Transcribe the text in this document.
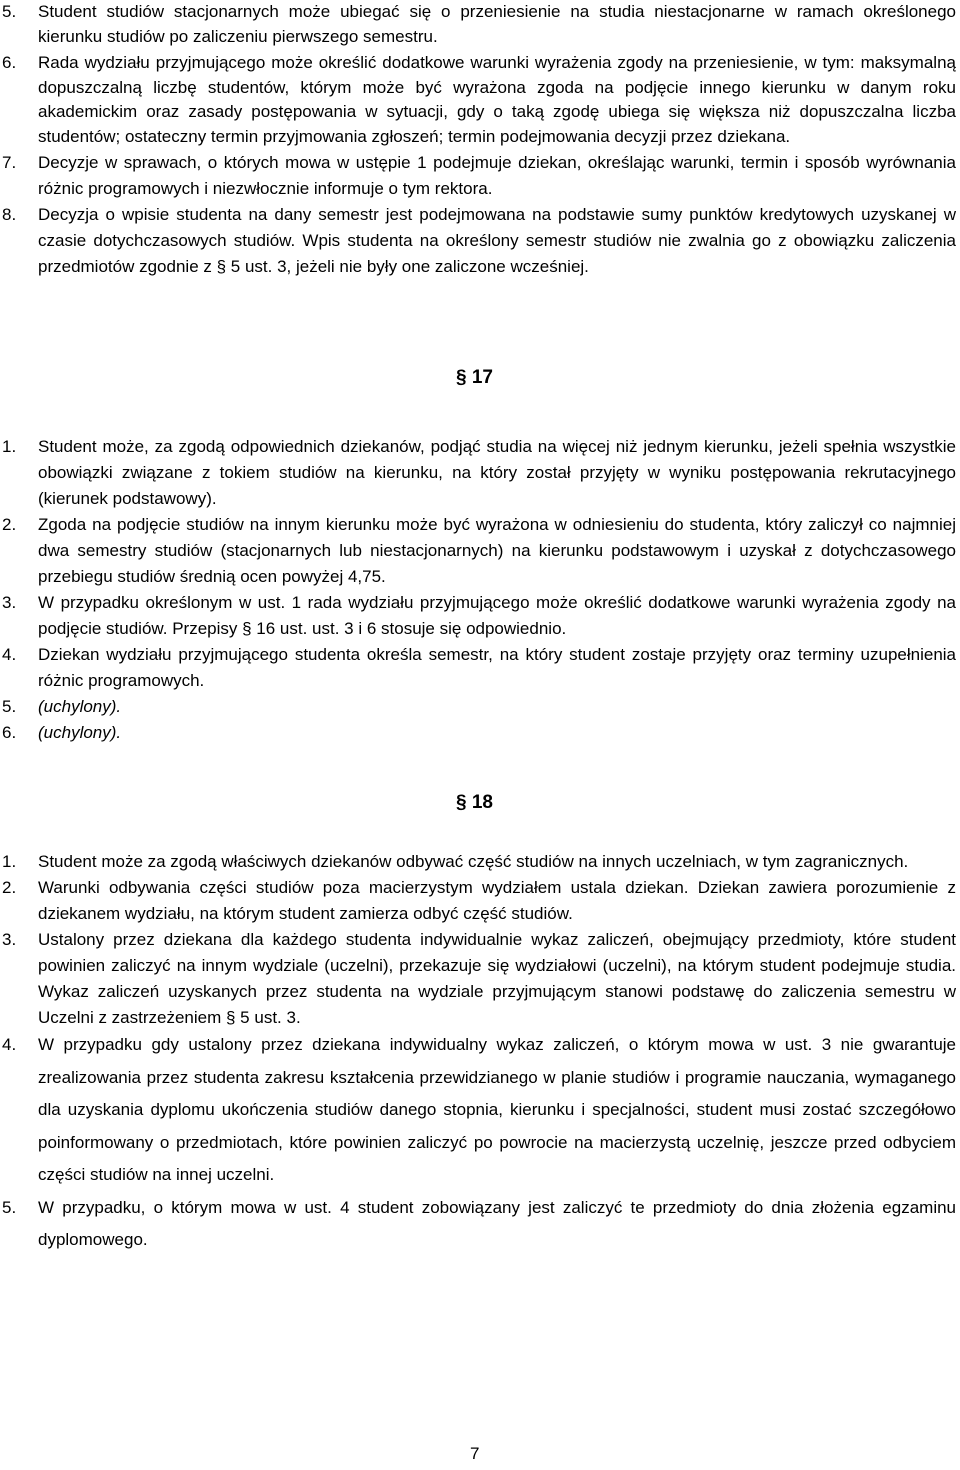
5.	Student studiów stacjonarnych może ubiegać się o przeniesienie na studia niestacjonarne w ramach określonego kierunku studiów po zaliczeniu pierwszego semestru.

6.	Rada wydziału przyjmującego może określić dodatkowe warunki wyrażenia zgody na przeniesienie, w tym: maksymalną dopuszczalną liczbę studentów, którym może być wyrażona zgoda na podjęcie innego kierunku w danym roku akademickim oraz zasady postępowania w sytuacji, gdy o taką zgodę ubiega się większa niż dopuszczalna liczba studentów; ostateczny termin przyjmowania zgłoszeń; termin podejmowania decyzji przez dziekana.

7.	Decyzje w sprawach, o których mowa w ustępie 1 podejmuje dziekan, określając warunki, termin i sposób wyrównania różnic programowych i niezwłocznie informuje o tym rektora.

8.	Decyzja o wpisie studenta na dany semestr jest podejmowana na podstawie sumy punktów kredytowych uzyskanej w czasie dotychczasowych studiów. Wpis studenta na określony semestr studiów nie zwalnia go z obowiązku zaliczenia przedmiotów zgodnie z § 5 ust. 3, jeżeli nie były one zaliczone wcześniej.

§ 17
1.	Student może, za zgodą odpowiednich dziekanów, podjąć studia na więcej niż jednym kierunku, jeżeli spełnia wszystkie obowiązki związane z tokiem studiów na kierunku, na który został przyjęty w wyniku postępowania rekrutacyjnego (kierunek podstawowy).

2.	Zgoda na podjęcie studiów na innym kierunku może być wyrażona w odniesieniu do studenta, który zaliczył co najmniej dwa semestry studiów (stacjonarnych lub niestacjonarnych) na kierunku podstawowym i uzyskał z dotychczasowego przebiegu studiów średnią ocen powyżej 4,75.

3.	W przypadku określonym w ust. 1 rada wydziału przyjmującego może określić dodatkowe warunki wyrażenia zgody na podjęcie studiów. Przepisy § 16 ust. ust. 3 i 6 stosuje się odpowiednio.

4.	Dziekan wydziału przyjmującego studenta określa semestr, na który student zostaje przyjęty oraz terminy uzupełnienia różnic programowych.

5.	(uchylony).

6.	(uchylony).

§ 18
1.	Student może za zgodą właściwych dziekanów odbywać część studiów na innych uczelniach, w tym zagranicznych.

2.	Warunki odbywania części studiów poza macierzystym wydziałem ustala dziekan. Dziekan zawiera porozumienie z dziekanem wydziału, na którym student zamierza odbyć część studiów.

3.	Ustalony przez dziekana dla każdego studenta indywidualnie wykaz zaliczeń, obejmujący przedmioty, które student powinien zaliczyć na innym wydziale (uczelni), przekazuje się wydziałowi (uczelni), na którym student podejmuje studia. Wykaz zaliczeń uzyskanych przez studenta na wydziale przyjmującym stanowi podstawę do zaliczenia semestru w Uczelni z zastrzeżeniem § 5 ust. 3.

4.	W przypadku gdy ustalony przez dziekana indywidualny wykaz zaliczeń, o którym mowa w ust. 3 nie gwarantuje zrealizowania przez studenta zakresu kształcenia przewidzianego w planie studiów i programie nauczania, wymaganego dla uzyskania dyplomu ukończenia studiów danego stopnia, kierunku i specjalności, student musi zostać szczegółowo poinformowany o przedmiotach, które powinien zaliczyć po powrocie na macierzystą uczelnię, jeszcze przed odbyciem części studiów na innej uczelni.

5.	W przypadku, o którym mowa w ust. 4 student zobowiązany jest zaliczyć te przedmioty do dnia złożenia egzaminu dyplomowego.

7
